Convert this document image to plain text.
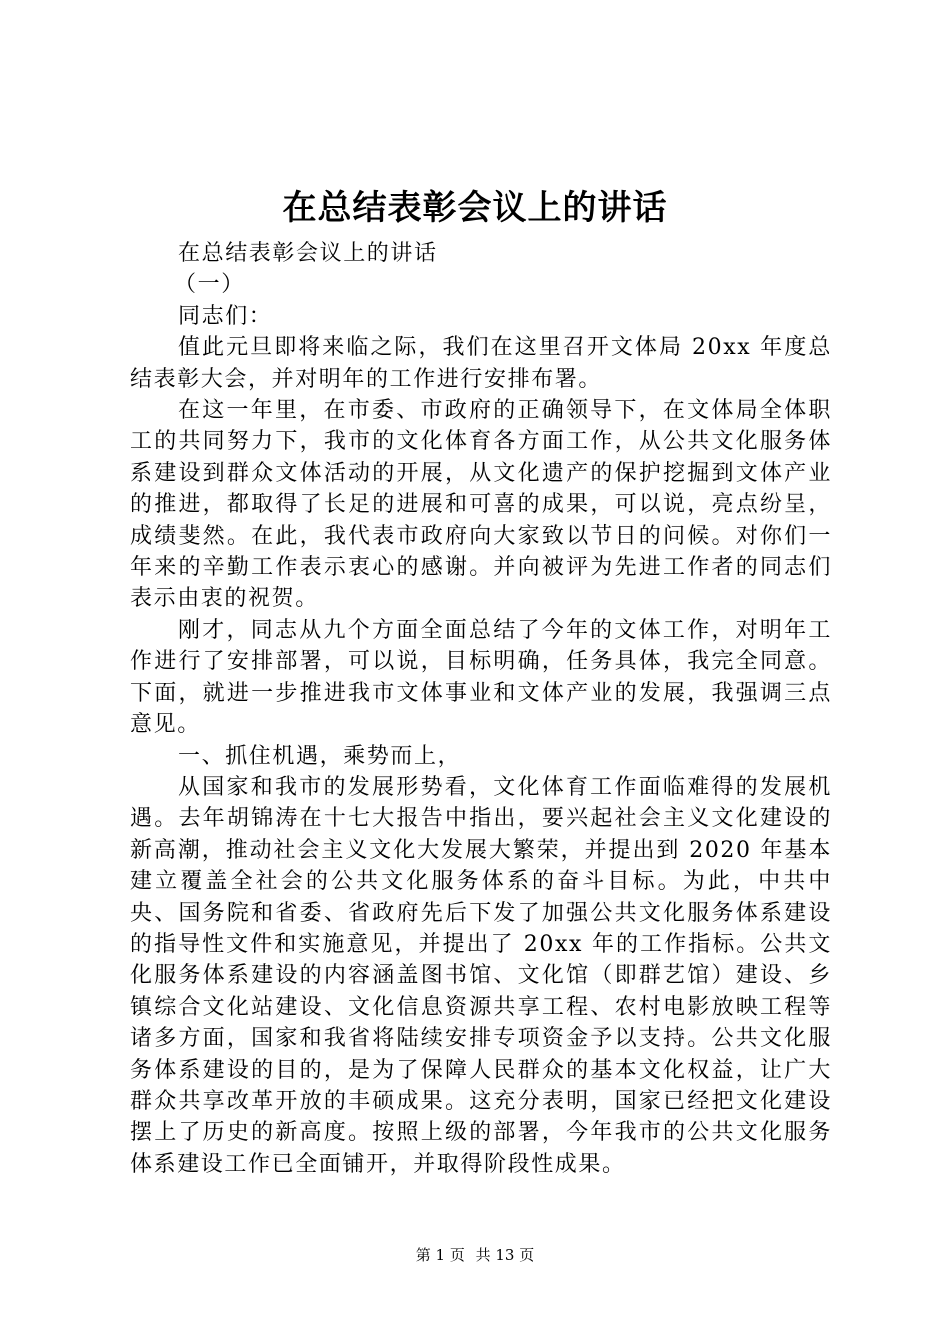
在总结表彰会议上的讲话

在总结表彰会议上的讲话

（一）

同志们：

值此元旦即将来临之际，我们在这里召开文体局 20xx 年度总结表彰大会，并对明年的工作进行安排布署。

在这一年里，在市委、市政府的正确领导下，在文体局全体职工的共同努力下，我市的文化体育各方面工作，从公共文化服务体系建设到群众文体活动的开展，从文化遗产的保护挖掘到文体产业的推进，都取得了长足的进展和可喜的成果，可以说，亮点纷呈，成绩斐然。在此，我代表市政府向大家致以节日的问候。对你们一年来的辛勤工作表示衷心的感谢。并向被评为先进工作者的同志们表示由衷的祝贺。

刚才，同志从九个方面全面总结了今年的文体工作，对明年工作进行了安排部署，可以说，目标明确，任务具体，我完全同意。下面，就进一步推进我市文体事业和文体产业的发展，我强调三点意见。

一、抓住机遇，乘势而上，

从国家和我市的发展形势看，文化体育工作面临难得的发展机遇。去年胡锦涛在十七大报告中指出，要兴起社会主义文化建设的新高潮，推动社会主义文化大发展大繁荣，并提出到 2020 年基本建立覆盖全社会的公共文化服务体系的奋斗目标。为此，中共中央、国务院和省委、省政府先后下发了加强公共文化服务体系建设的指导性文件和实施意见，并提出了 20xx 年的工作指标。公共文化服务体系建设的内容涵盖图书馆、文化馆（即群艺馆）建设、乡镇综合文化站建设、文化信息资源共享工程、农村电影放映工程等诸多方面，国家和我省将陆续安排专项资金予以支持。公共文化服务体系建设的目的，是为了保障人民群众的基本文化权益，让广大群众共享改革开放的丰硕成果。这充分表明，国家已经把文化建设摆上了历史的新高度。按照上级的部署，今年我市的公共文化服务体系建设工作已全面铺开，并取得阶段性成果。

第 1 页 共 13 页
